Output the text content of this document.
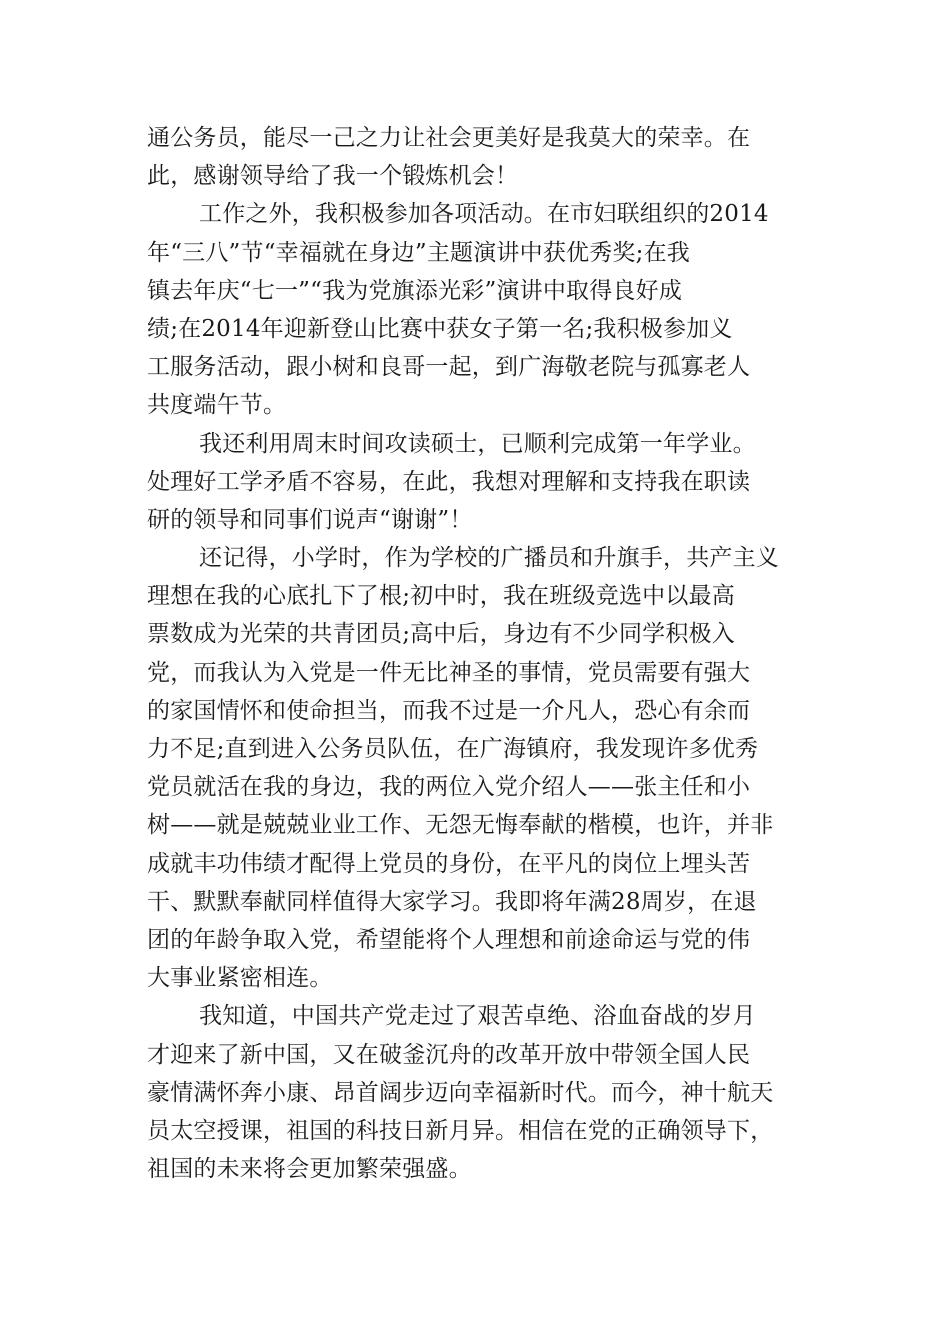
通公务员，能尽一己之力让社会更美好是我莫大的荣幸。在
此，感谢领导给了我一个锻炼机会！
工作之外，我积极参加各项活动。在市妇联组织的2014
年“三八”节“幸福就在身边”主题演讲中获优秀奖;在我
镇去年庆“七一”“我为党旗添光彩”演讲中取得良好成
绩;在2014年迎新登山比赛中获女子第一名;我积极参加义
工服务活动，跟小树和良哥一起，到广海敬老院与孤寡老人
共度端午节。
我还利用周末时间攻读硕士，已顺利完成第一年学业。
处理好工学矛盾不容易，在此，我想对理解和支持我在职读
研的领导和同事们说声“谢谢”！
还记得，小学时，作为学校的广播员和升旗手，共产主义
理想在我的心底扎下了根;初中时，我在班级竞选中以最高
票数成为光荣的共青团员;高中后，身边有不少同学积极入
党，而我认为入党是一件无比神圣的事情，党员需要有强大
的家国情怀和使命担当，而我不过是一介凡人，恐心有余而
力不足;直到进入公务员队伍，在广海镇府，我发现许多优秀
党员就活在我的身边，我的两位入党介绍人——张主任和小
树——就是兢兢业业工作、无怨无悔奉献的楷模，也许，并非
成就丰功伟绩才配得上党员的身份，在平凡的岗位上埋头苦
干、默默奉献同样值得大家学习。我即将年满28周岁，在退
团的年龄争取入党，希望能将个人理想和前途命运与党的伟
大事业紧密相连。
我知道，中国共产党走过了艰苦卓绝、浴血奋战的岁月
才迎来了新中国，又在破釜沉舟的改革开放中带领全国人民
豪情满怀奔小康、昂首阔步迈向幸福新时代。而今，神十航天
员太空授课，祖国的科技日新月异。相信在党的正确领导下，
祖国的未来将会更加繁荣强盛。
